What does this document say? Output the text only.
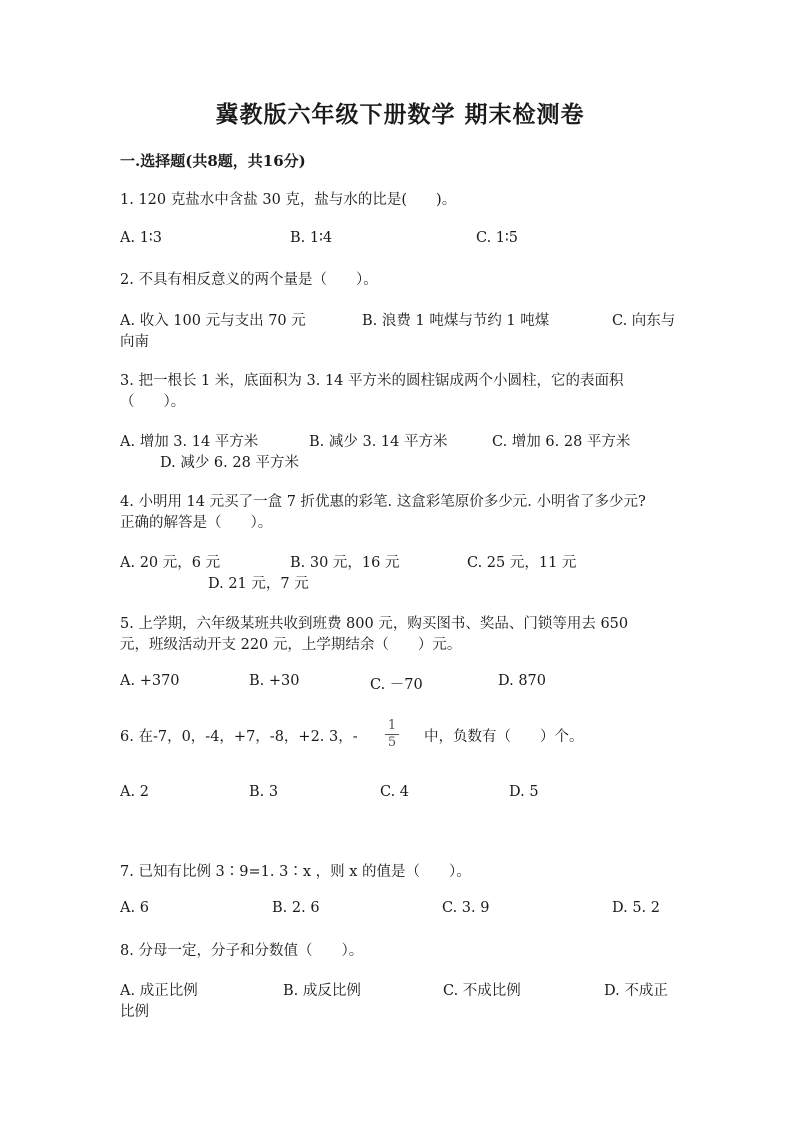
冀教版六年级下册数学 期末检测卷
一.选择题(共8题，共16分)
1. 120 克盐水中含盐 30 克，盐与水的比是(　　)。
A. 1∶3	B. 1∶4	C. 1∶5
2. 不具有相反意义的两个量是（　　）。
A. 收入 100 元与支出 70 元	B. 浪费 1 吨煤与节约 1 吨煤	C. 向东与
向南
3. 把一根长 1 米，底面积为 3. 14 平方米的圆柱锯成两个小圆柱，它的表面积
（　　）。
A. 增加 3. 14 平方米	B. 减少 3. 14 平方米	C. 增加 6. 28 平方米
D. 减少 6. 28 平方米
4. 小明用 14 元买了一盒 7 折优惠的彩笔. 这盒彩笔原价多少元. 小明省了多少元?
正确的解答是（　　）。
A. 20 元，6 元	B. 30 元，16 元	C. 25 元，11 元
D. 21 元，7 元
5. 上学期，六年级某班共收到班费 800 元，购买图书、奖品、门锁等用去 650
元，班级活动开支 220 元，上学期结余（　　）元。
A. +370	B. +30	C. －70	D. 870
6. 在-7，0，-4，+7，-8，+2. 3，-
1
5 中，负数有（　　）个。
A. 2	B. 3	C. 4	D. 5
7. 已知有比例 3∶9=1. 3∶x ，则 x 的值是（　　）。
A. 6	B. 2. 6	C. 3. 9	D. 5. 2
8. 分母一定，分子和分数值（　　）。
A. 成正比例	B. 成反比例	C. 不成比例	D. 不成正
比例
